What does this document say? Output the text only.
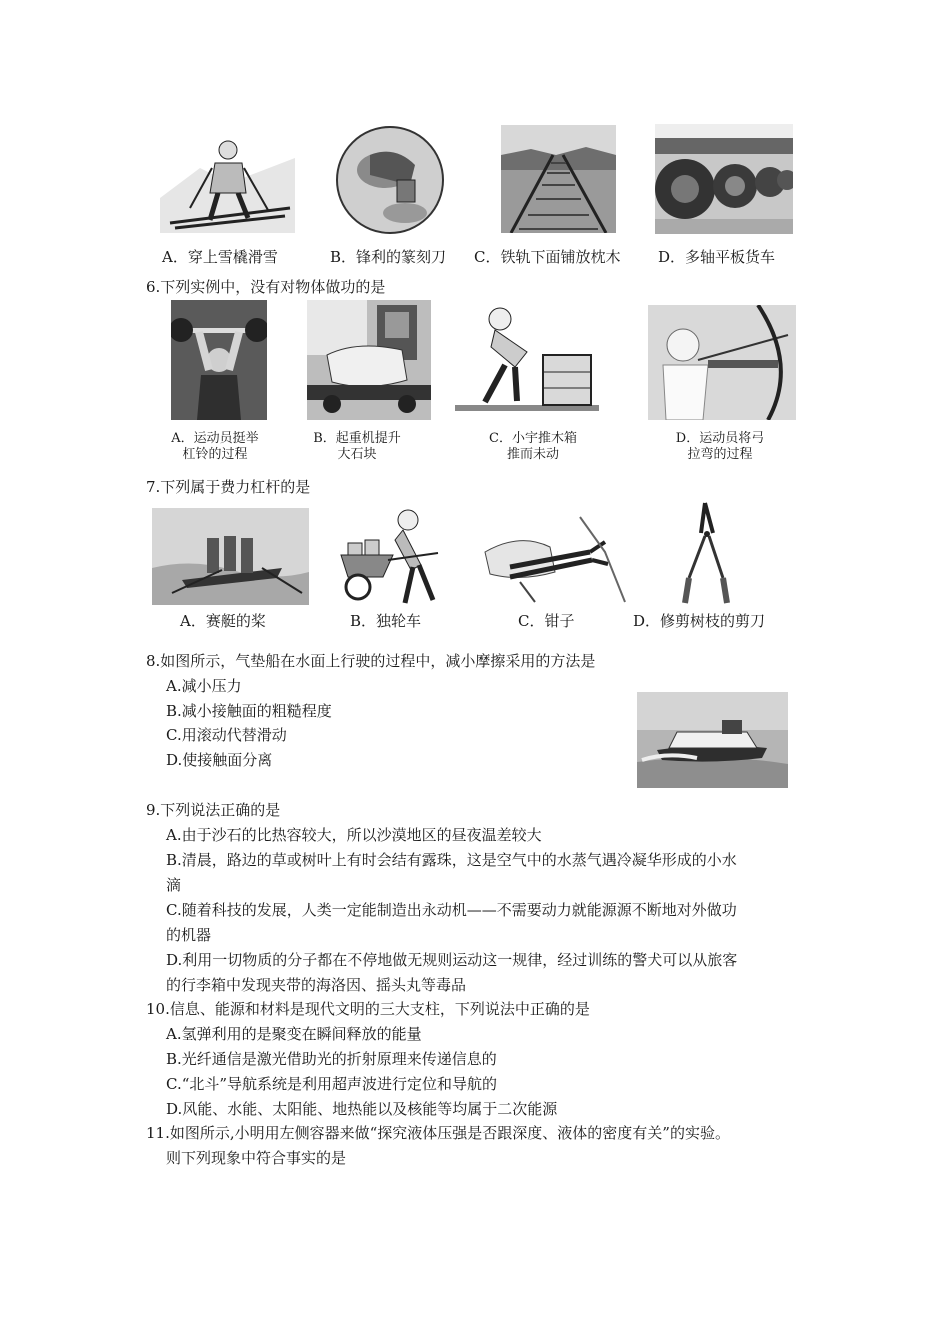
A．穿上雪橇滑雪	B．锋利的篆刻刀 C．铁轨下面铺放枕木	D．多轴平板货车
6.下列实例中，没有对物体做功的是
A．运动员挺举
杠铃的过程
B．起重机提升
大石块
C．小宇推木箱
推而未动
D．运动员将弓
拉弯的过程
7.下列属于费力杠杆的是
A．赛艇的桨	B．独轮车	C．钳子	D．修剪树枝的剪刀
8.如图所示，气垫船在水面上行驶的过程中，减小摩擦采用的方法是
A.减小压力
B.减小接触面的粗糙程度
C.用滚动代替滑动
D.使接触面分离
9.下列说法正确的是
A.由于沙石的比热容较大，所以沙漠地区的昼夜温差较大
B.清晨，路边的草或树叶上有时会结有露珠，这是空气中的水蒸气遇冷凝华形成的小水
滴
C.随着科技的发展，人类一定能制造出永动机——不需要动力就能源源不断地对外做功
的机器
D.利用一切物质的分子都在不停地做无规则运动这一规律，经过训练的警犬可以从旅客
的行李箱中发现夹带的海洛因、摇头丸等毒品
10.信息、能源和材料是现代文明的三大支柱，下列说法中正确的是
A.氢弹利用的是聚变在瞬间释放的能量
B.光纤通信是激光借助光的折射原理来传递信息的
C.“北斗”导航系统是利用超声波进行定位和导航的
D.风能、水能、太阳能、地热能以及核能等均属于二次能源
11.如图所示,小明用左侧容器来做“探究液体压强是否跟深度、液体的密度有关”的实验。
则下列现象中符合事实的是
